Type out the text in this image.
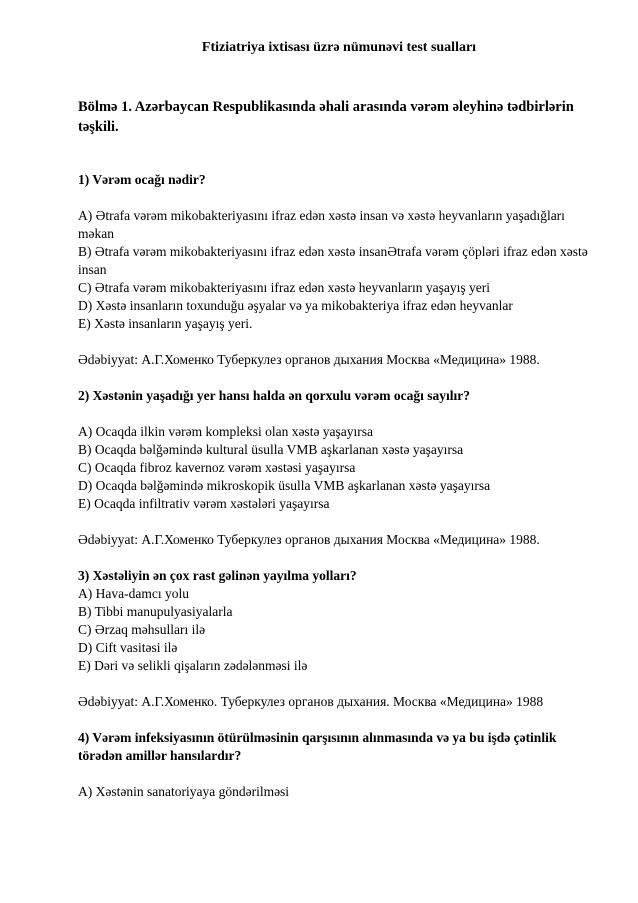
Ftiziatriya ixtisası üzrə nümunəvi test sualları
Bölmə 1. Azərbaycan Respublikasında əhali arasında vərəm əleyhinə tədbirlərin təşkili.
1) Vərəm ocağı nədir?
A) Ətrafa vərəm mikobakteriyasını ifraz edən xəstə insan və xəstə heyvanların yaşadığları məkan
B) Ətrafa vərəm mikobakteriyasını ifraz edən xəstə insanƏtrafa vərəm çöpləri ifraz edən xəstə insan
C) Ətrafa vərəm mikobakteriyasını ifraz edən xəstə heyvanların yaşayış yeri
D) Xəstə insanların toxunduğu əşyalar və ya mikobakteriya ifraz edən heyvanlar
E) Xəstə insanların yaşayış yeri.
Ədəbiyyat: А.Г.Хоменко Туберкулез органов дыхания Москва «Медицина» 1988.
2) Xəstənin yaşadığı yer hansı halda ən qorxulu vərəm ocağı sayılır?
A) Ocaqda ilkin vərəm kompleksi olan xəstə yaşayırsa
B) Ocaqda bəlğəmində kultural üsulla VMB aşkarlanan xəstə yaşayırsa
C) Ocaqda fibroz kavernoz vərəm xəstəsi yaşayırsa
D) Ocaqda bəlğəmində mikroskopik üsulla VMB aşkarlanan xəstə yaşayırsa
E) Ocaqda infiltrativ vərəm xəstələri yaşayırsa
Ədəbiyyat: А.Г.Хоменко Туберкулез органов дыхания Москва «Медицина» 1988.
3) Xəstəliyin ən çox rast gəlinən yayılma yolları?
A) Hava-damcı yolu
B) Tibbi manupulyasiyalarla
C) Ərzaq məhsulları ilə
D) Cift vasitəsi ilə
E) Dəri və selikli qişaların zədələnməsi ilə
Ədəbiyyat: А.Г.Хоменко. Туберкулез органов дыхания. Москва «Медицина» 1988
4) Vərəm infeksiyasının ötürülməsinin qarşısının alınmasında və ya bu işdə çətinlik törədən amillər hansılardır?
A) Xəstənin sanatoriyaya göndərilməsi
